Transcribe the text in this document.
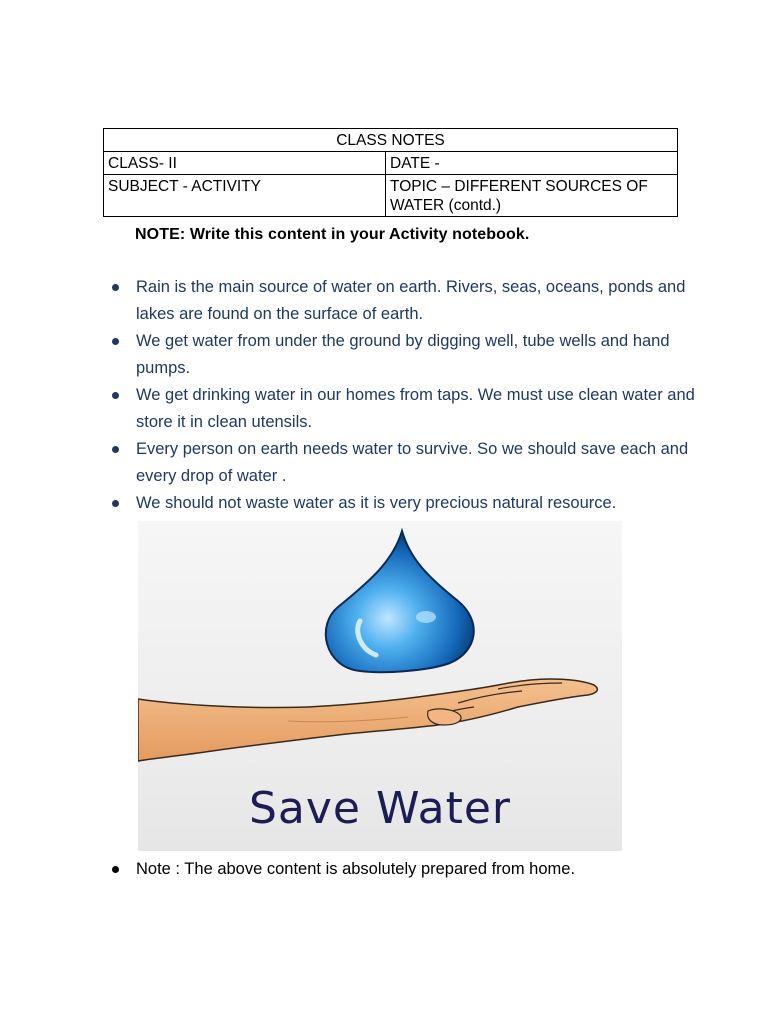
CLASS NOTES	
CLASS- II	DATE -
SUBJECT - ACTIVITY	TOPIC – DIFFERENT SOURCES OF WATER (contd.)
NOTE: Write this content in your Activity notebook.
Rain is the main source of water on earth. Rivers, seas, oceans, ponds and lakes are found on the surface of earth.
We get water from under the ground by digging well, tube wells and hand pumps.
We get drinking water in our homes from taps. We must use clean water and store it in clean utensils.
Every person on earth needs water to survive. So we should save each and every drop of water .
We should not waste water as it is very precious natural resource.
Save Water
Note : The above content is absolutely prepared from home.
